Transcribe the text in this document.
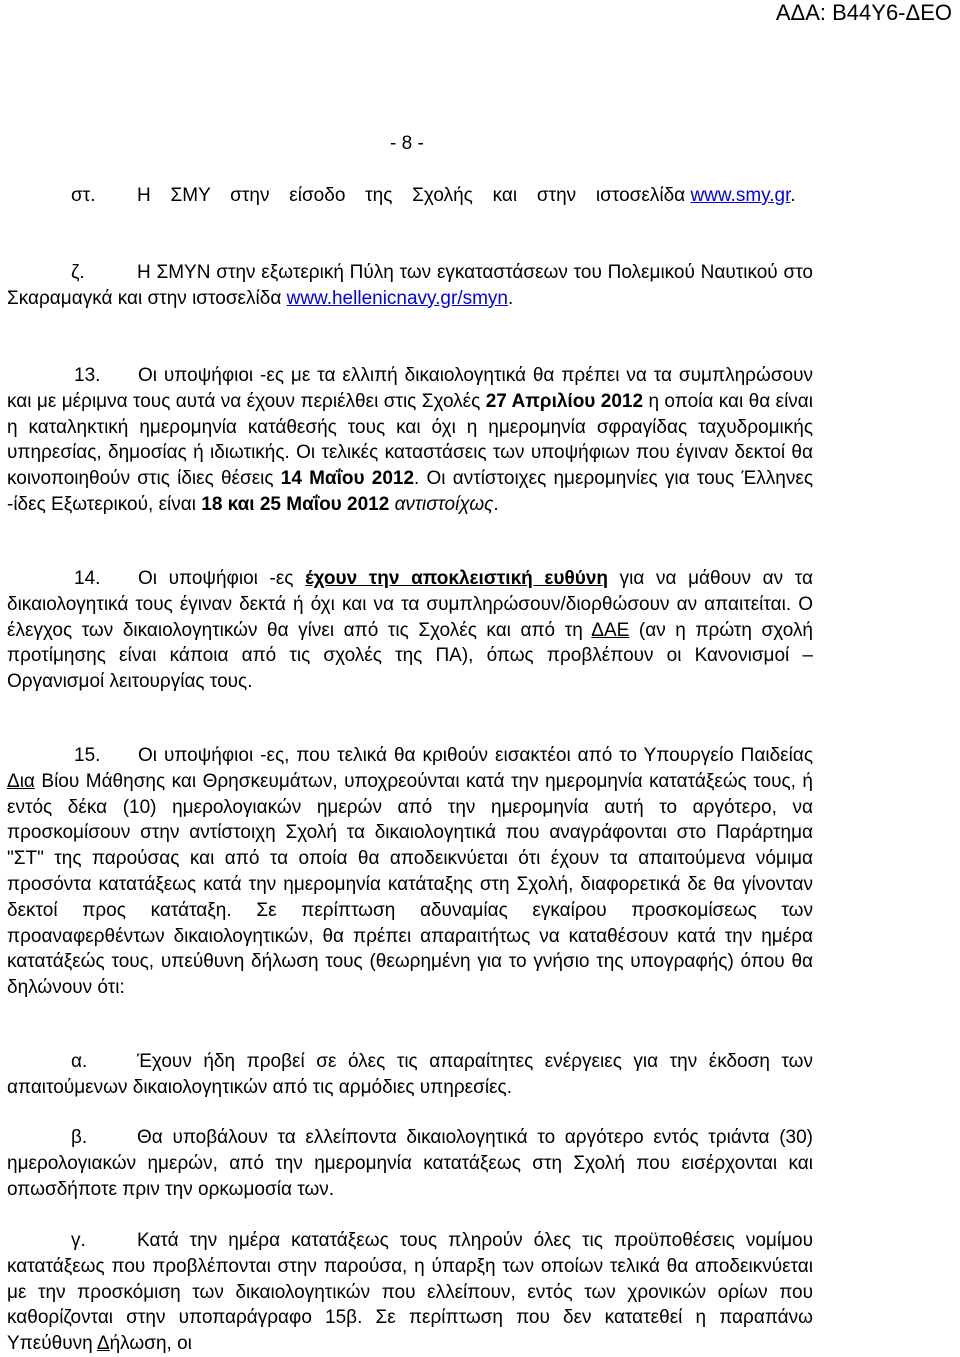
ΑΔΑ: Β44Υ6-ΔΕΟ
- 8 -

στ. Η ΣΜΥ στην είσοδο της Σχολής και στην ιστοσελίδα www.smy.gr.

ζ.	Η ΣΜΥΝ στην εξωτερική Πύλη των εγκαταστάσεων του Πολεμικού Ναυτικού στο Σκαραμαγκά και στην ιστοσελίδα www.hellenicnavy.gr/smyn.

13. Οι υποψήφιοι -ες με τα ελλιπή δικαιολογητικά θα πρέπει να τα συμπληρώσουν και με μέριμνα τους αυτά να έχουν περιέλθει στις Σχολές 27 Απριλίου 2012 η οποία και θα είναι η καταληκτική ημερομηνία κατάθεσής τους και όχι η ημερομηνία σφραγίδας ταχυδρομικής υπηρεσίας, δημοσίας ή ιδιωτικής. Οι τελικές καταστάσεις των υποψήφιων που έγιναν δεκτοί θα κοινοποιηθούν στις ίδιες θέσεις 14 Μαΐου 2012. Οι αντίστοιχες ημερομηνίες για τους Έλληνες -ίδες Εξωτερικού, είναι 18 και 25 Μαΐου 2012 αντιστοίχως.

14. Οι υποψήφιοι -ες έχουν την αποκλειστική ευθύνη για να μάθουν αν τα δικαιολογητικά τους έγιναν δεκτά ή όχι και να τα συμπληρώσουν/διορθώσουν αν απαιτείται. Ο έλεγχος των δικαιολογητικών θα γίνει από τις Σχολές και από τη ΔΑΕ (αν η πρώτη σχολή προτίμησης είναι κάποια από τις σχολές της ΠΑ), όπως προβλέπουν οι Κανονισμοί – Οργανισμοί λειτουργίας τους.

15. Οι υποψήφιοι -ες, που τελικά θα κριθούν εισακτέοι από το Υπουργείο Παιδείας Δια Βίου Μάθησης και Θρησκευμάτων, υποχρεούνται κατά την ημερομηνία κατατάξεώς τους, ή εντός δέκα (10) ημερολογιακών ημερών από την ημερομηνία αυτή το αργότερο, να προσκομίσουν στην αντίστοιχη Σχολή τα δικαιολογητικά που αναγράφονται στο Παράρτημα "ΣΤ" της παρούσας και από τα οποία θα αποδεικνύεται ότι έχουν τα απαιτούμενα νόμιμα προσόντα κατατάξεως κατά την ημερομηνία κατάταξης στη Σχολή, διαφορετικά δε θα γίνονταν δεκτοί προς κατάταξη. Σε περίπτωση αδυναμίας εγκαίρου προσκομίσεως των προαναφερθέντων δικαιολογητικών, θα πρέπει απαραιτήτως να καταθέσουν κατά την ημέρα κατατάξεώς τους, υπεύθυνη δήλωση τους (θεωρημένη για το γνήσιο της υπογραφής) όπου θα δηλώνουν ότι:

α.	Έχουν ήδη προβεί σε όλες τις απαραίτητες ενέργειες για την έκδοση των απαιτούμενων δικαιολογητικών από τις αρμόδιες υπηρεσίες.

β.	Θα υποβάλουν τα ελλείποντα δικαιολογητικά το αργότερο εντός τριάντα (30) ημερολογιακών ημερών, από την ημερομηνία κατατάξεως στη Σχολή που εισέρχονται και οπωσδήποτε πριν την ορκωμοσία των.

γ.	Κατά την ημέρα κατατάξεως τους πληρούν όλες τις προϋποθέσεις νομίμου κατατάξεως που προβλέπονται στην παρούσα, η ύπαρξη των οποίων τελικά θα αποδεικνύεται με την προσκόμιση των δικαιολογητικών που ελλείπουν, εντός των χρονικών ορίων που καθορίζονται στην υποπαράγραφο 15β. Σε περίπτωση που δεν κατατεθεί η παραπάνω Υπεύθυνη Δήλωση, οι
